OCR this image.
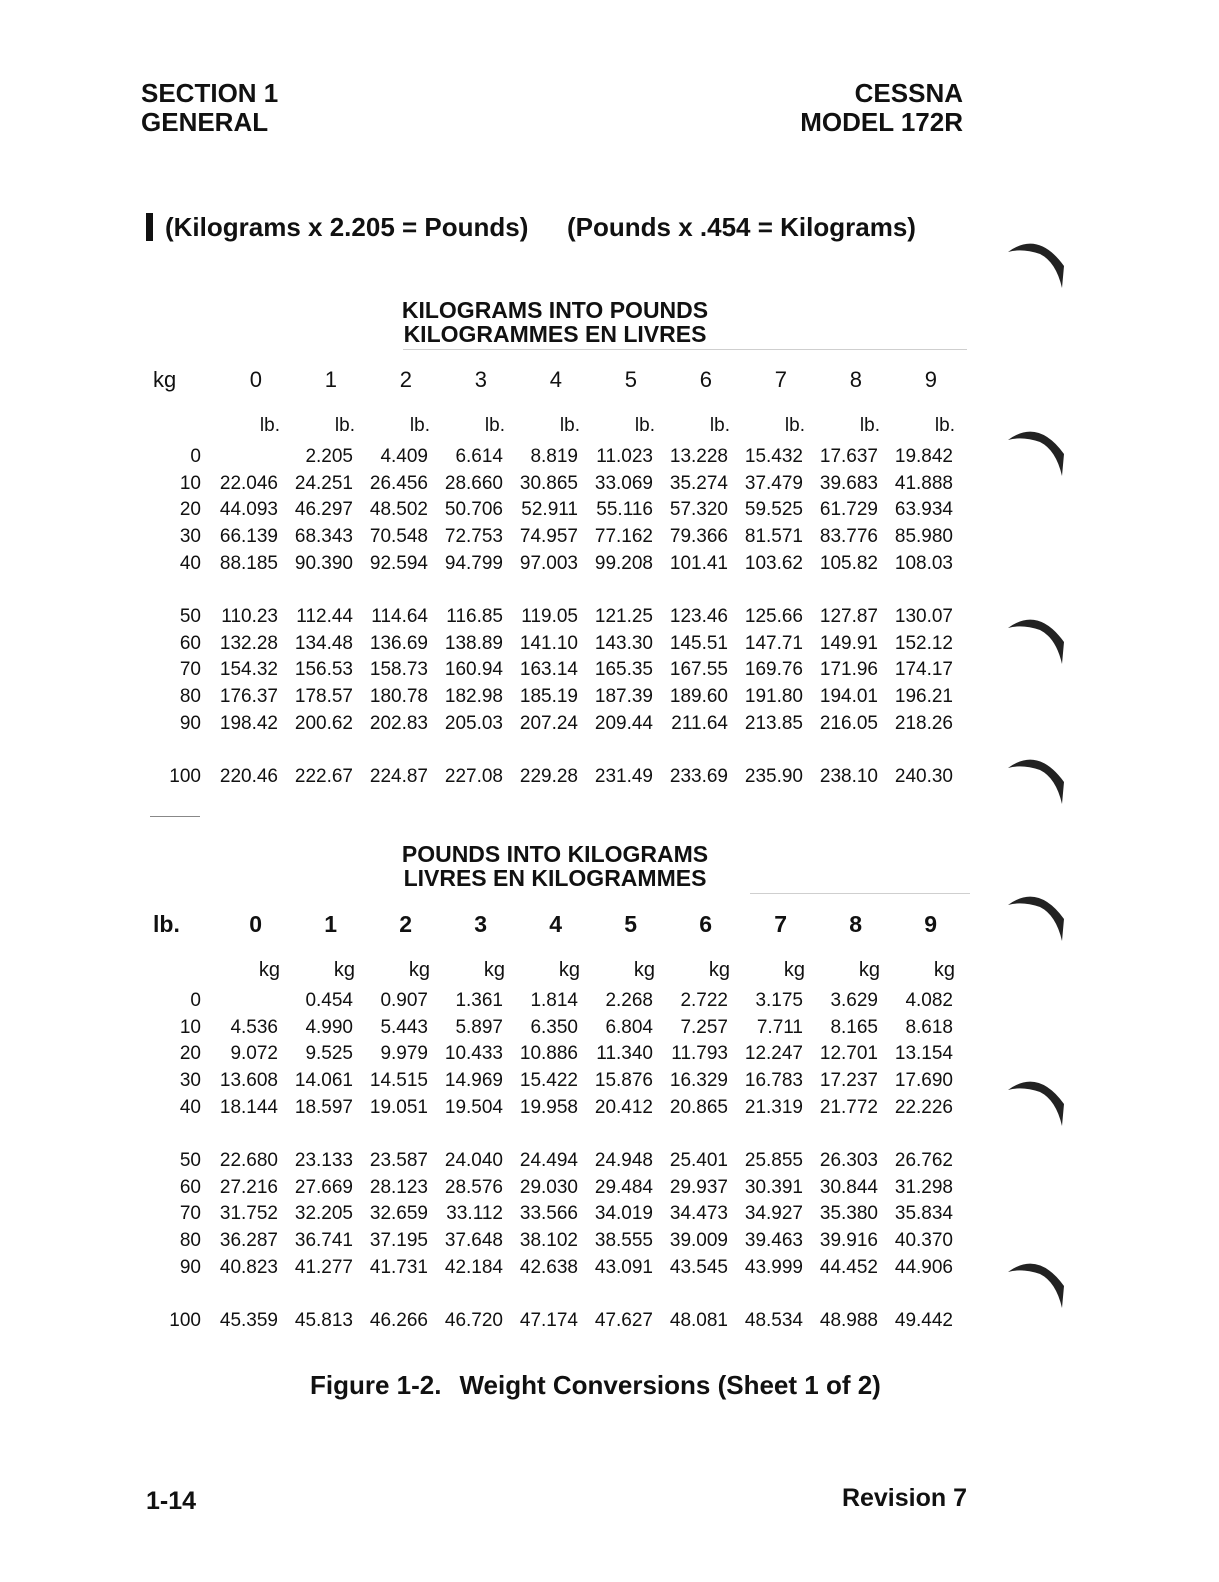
SECTION 1
GENERAL
CESSNA
MODEL 172R
(Kilograms x 2.205 = Pounds) (Pounds x .454 = Kilograms)
KILOGRAMS INTO POUNDS
KILOGRAMMES EN LIVRES
kg	0	1	2	3	4	5	6	7	8	9
	lb.	lb.	lb.	lb.	lb.	lb.	lb.	lb.	lb.	lb.
0		2.205	4.409	6.614	8.819	11.023	13.228	15.432	17.637	19.842
10	22.046	24.251	26.456	28.660	30.865	33.069	35.274	37.479	39.683	41.888
20	44.093	46.297	48.502	50.706	52.911	55.116	57.320	59.525	61.729	63.934
30	66.139	68.343	70.548	72.753	74.957	77.162	79.366	81.571	83.776	85.980
40	88.185	90.390	92.594	94.799	97.003	99.208	101.41	103.62	105.82	108.03

50	110.23	112.44	114.64	116.85	119.05	121.25	123.46	125.66	127.87	130.07
60	132.28	134.48	136.69	138.89	141.10	143.30	145.51	147.71	149.91	152.12
70	154.32	156.53	158.73	160.94	163.14	165.35	167.55	169.76	171.96	174.17
80	176.37	178.57	180.78	182.98	185.19	187.39	189.60	191.80	194.01	196.21
90	198.42	200.62	202.83	205.03	207.24	209.44	211.64	213.85	216.05	218.26

100	220.46	222.67	224.87	227.08	229.28	231.49	233.69	235.90	238.10	240.30
POUNDS INTO KILOGRAMS
LIVRES EN KILOGRAMMES
lb.	0	1	2	3	4	5	6	7	8	9
	kg	kg	kg	kg	kg	kg	kg	kg	kg	kg
0		0.454	0.907	1.361	1.814	2.268	2.722	3.175	3.629	4.082
10	4.536	4.990	5.443	5.897	6.350	6.804	7.257	7.711	8.165	8.618
20	9.072	9.525	9.979	10.433	10.886	11.340	11.793	12.247	12.701	13.154
30	13.608	14.061	14.515	14.969	15.422	15.876	16.329	16.783	17.237	17.690
40	18.144	18.597	19.051	19.504	19.958	20.412	20.865	21.319	21.772	22.226

50	22.680	23.133	23.587	24.040	24.494	24.948	25.401	25.855	26.303	26.762
60	27.216	27.669	28.123	28.576	29.030	29.484	29.937	30.391	30.844	31.298
70	31.752	32.205	32.659	33.112	33.566	34.019	34.473	34.927	35.380	35.834
80	36.287	36.741	37.195	37.648	38.102	38.555	39.009	39.463	39.916	40.370
90	40.823	41.277	41.731	42.184	42.638	43.091	43.545	43.999	44.452	44.906

100	45.359	45.813	46.266	46.720	47.174	47.627	48.081	48.534	48.988	49.442
Figure 1-2. Weight Conversions (Sheet 1 of 2)
1-14	Revision 7
